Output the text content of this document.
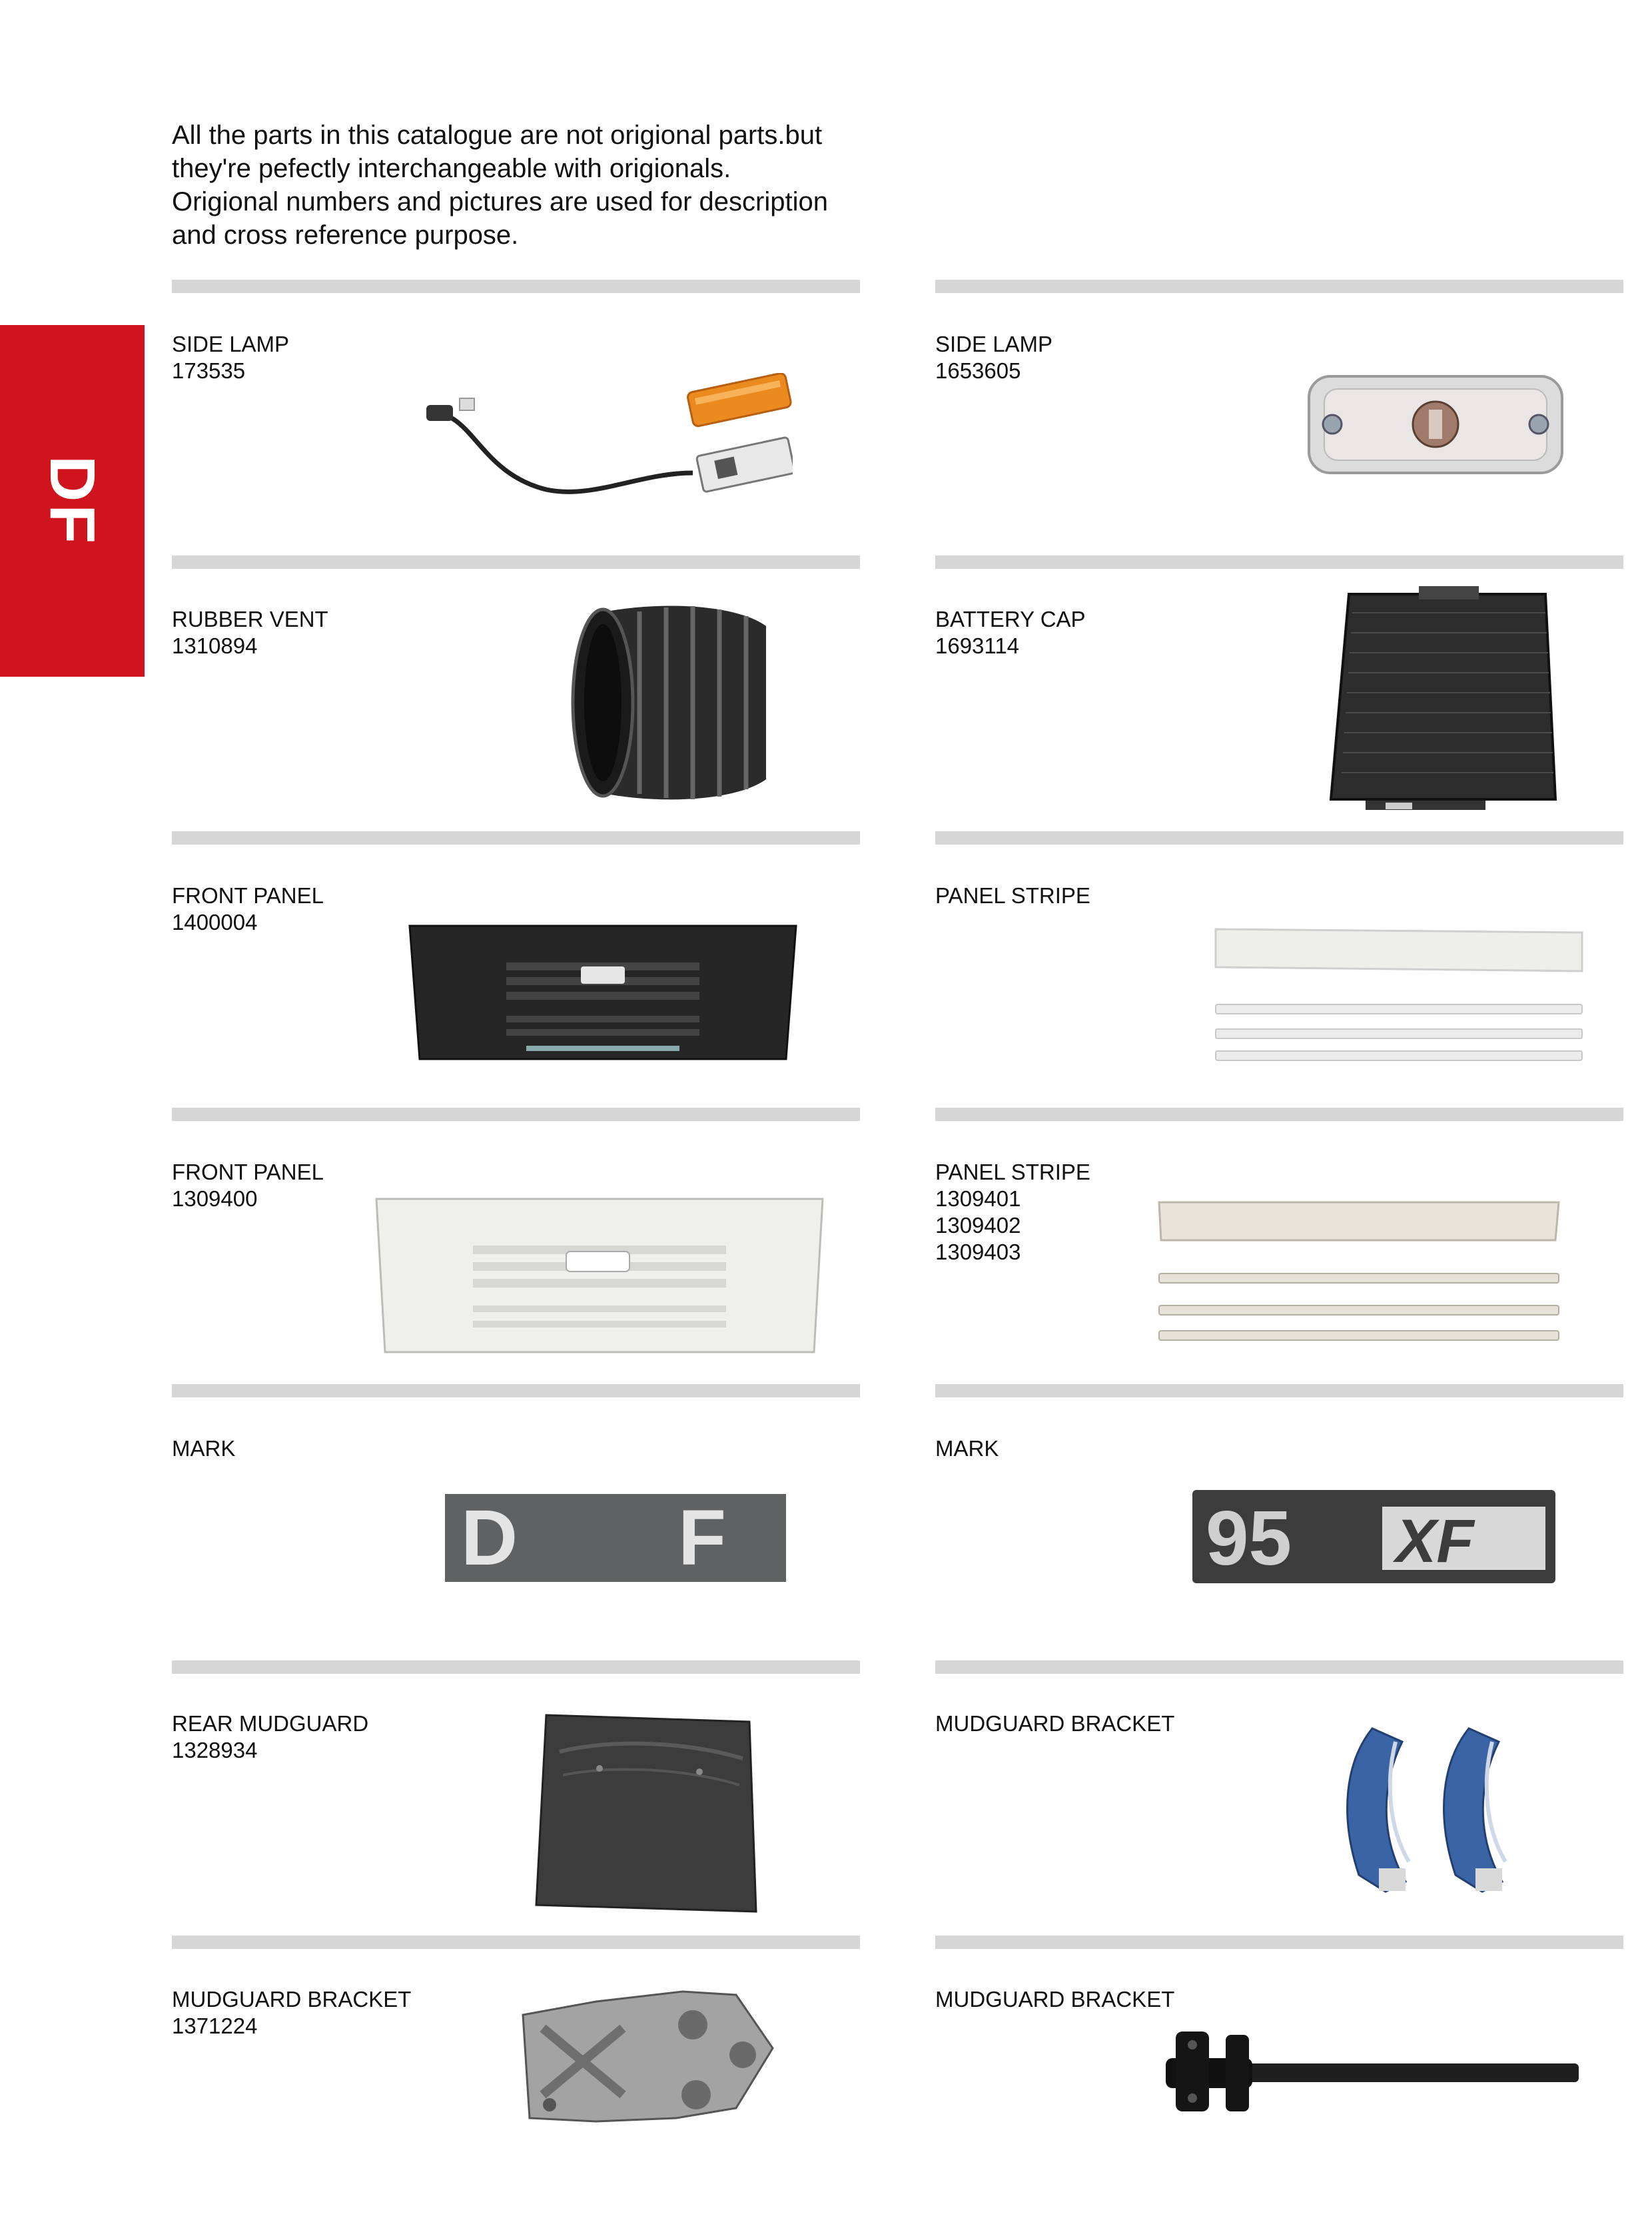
All the parts in this catalogue are not origional parts.but
they're pefectly interchangeable with origionals.
Origional numbers and pictures are used for description
and cross reference purpose.
DF
SIDE LAMP
173535
SIDE LAMP
1653605
RUBBER VENT
1310894
BATTERY CAP
1693114
FRONT PANEL
1400004
PANEL STRIPE
FRONT PANEL
1309400
PANEL STRIPE
1309401
1309402
1309403
MARK
D F
MARK
95 XF
REAR MUDGUARD
1328934
MUDGUARD BRACKET
MUDGUARD BRACKET
1371224
MUDGUARD BRACKET
